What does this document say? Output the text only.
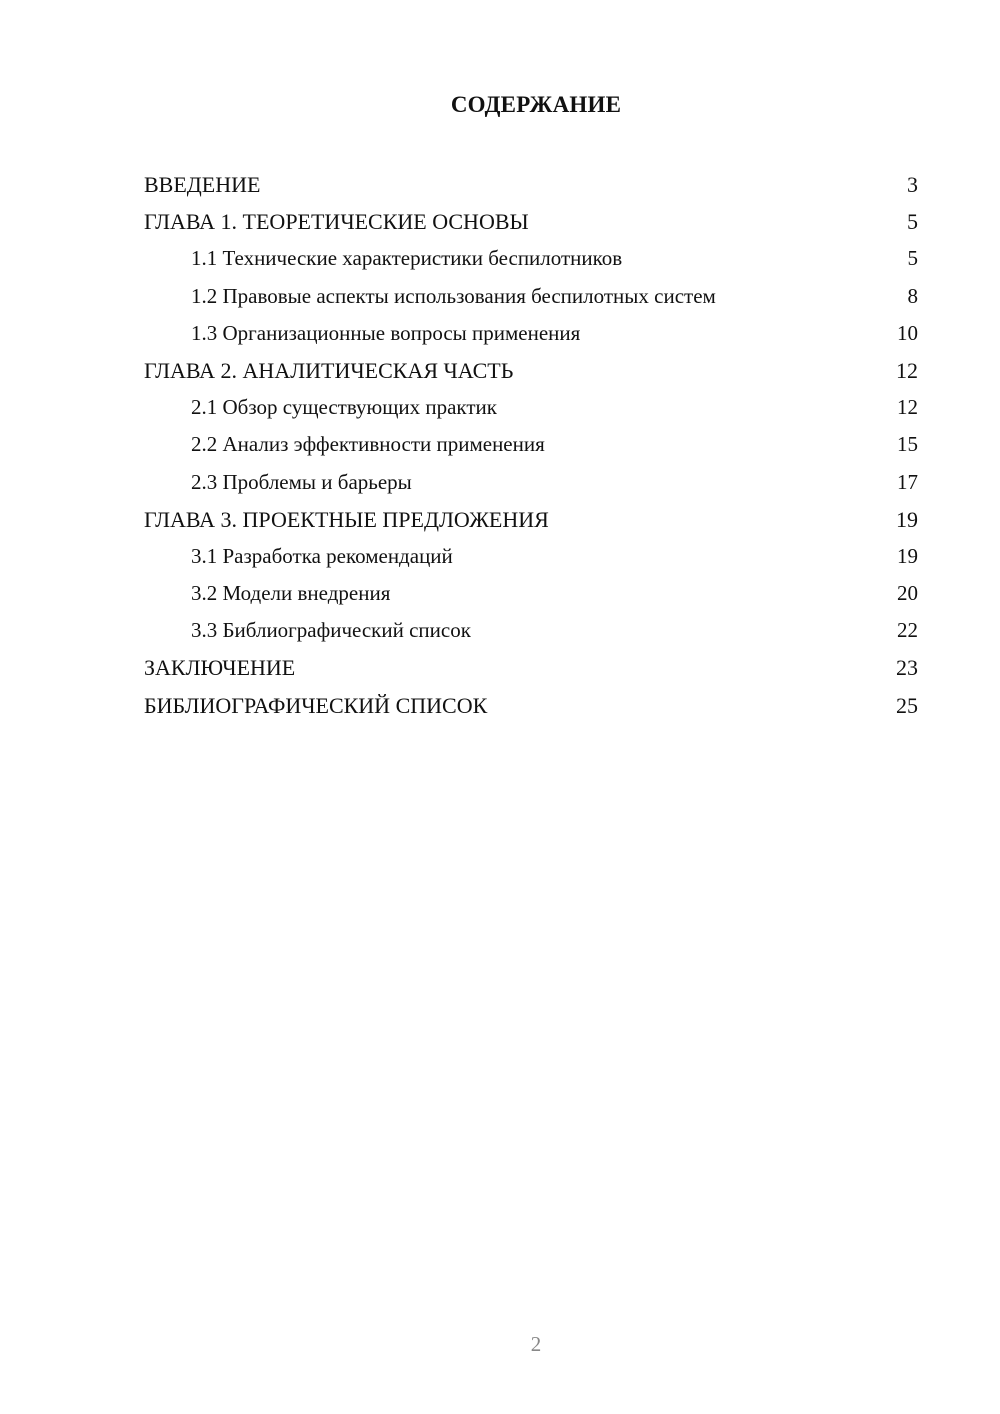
СОДЕРЖАНИЕ
ВВЕДЕНИЕ	3
ГЛАВА 1. ТЕОРЕТИЧЕСКИЕ ОСНОВЫ	5
1.1 Технические характеристики беспилотников	5
1.2 Правовые аспекты использования беспилотных систем	8
1.3 Организационные вопросы применения	10
ГЛАВА 2. АНАЛИТИЧЕСКАЯ ЧАСТЬ	12
2.1 Обзор существующих практик	12
2.2 Анализ эффективности применения	15
2.3 Проблемы и барьеры	17
ГЛАВА 3. ПРОЕКТНЫЕ ПРЕДЛОЖЕНИЯ	19
3.1 Разработка рекомендаций	19
3.2 Модели внедрения	20
3.3 Библиографический список	22
ЗАКЛЮЧЕНИЕ	23
БИБЛИОГРАФИЧЕСКИЙ СПИСОК	25
2
